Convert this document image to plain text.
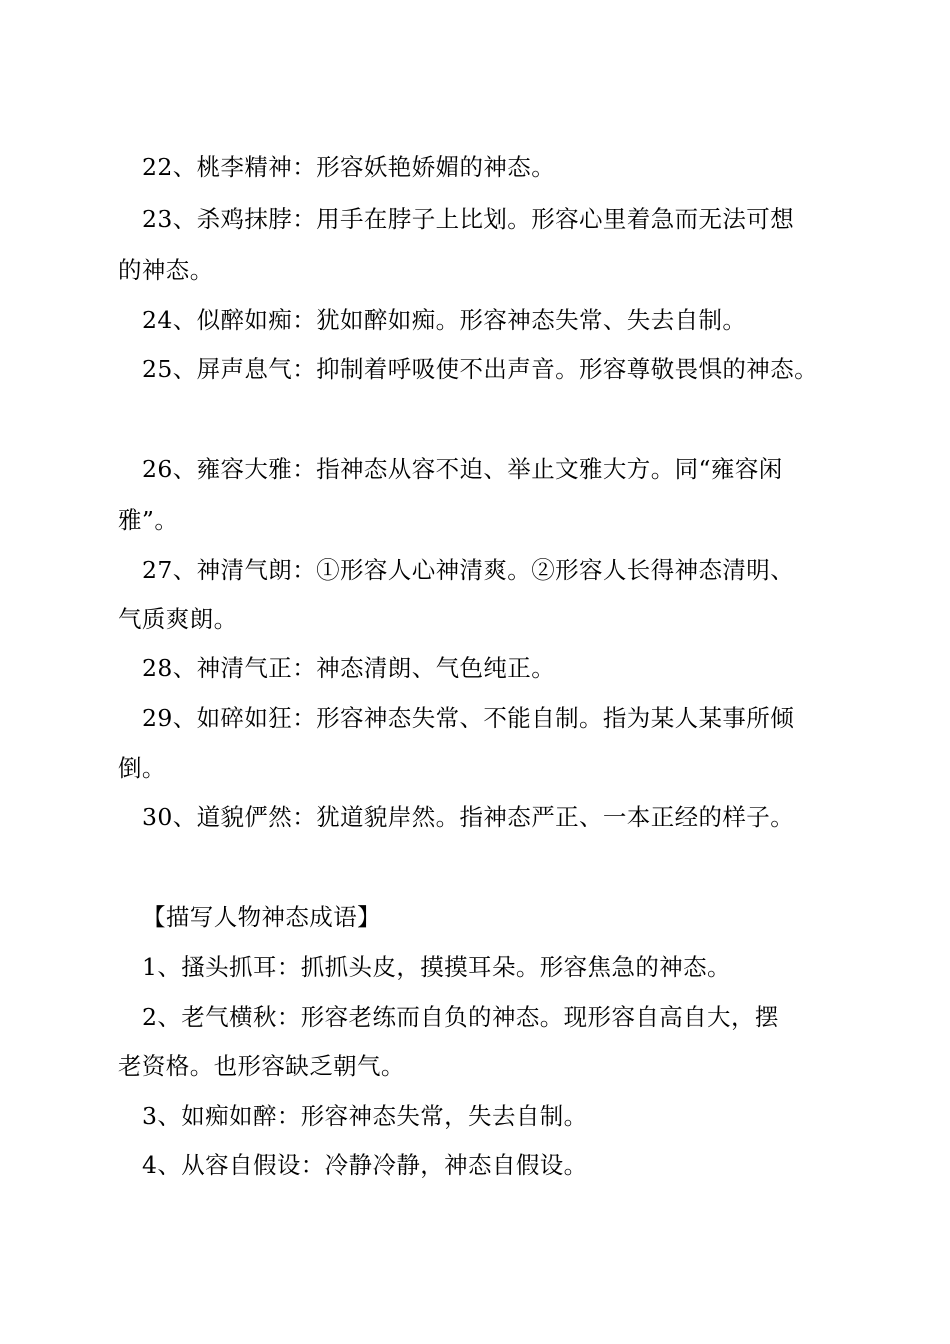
22、桃李精神：形容妖艳娇媚的神态。
23、杀鸡抹脖：用手在脖子上比划。形容心里着急而无法可想
的神态。
24、似醉如痴：犹如醉如痴。形容神态失常、失去自制。
25、屏声息气：抑制着呼吸使不出声音。形容尊敬畏惧的神态。
26、雍容大雅：指神态从容不迫、举止文雅大方。同“雍容闲
雅”。
27、神清气朗：①形容人心神清爽。②形容人长得神态清明、
气质爽朗。
28、神清气正：神态清朗、气色纯正。
29、如碎如狂：形容神态失常、不能自制。指为某人某事所倾
倒。
30、道貌俨然：犹道貌岸然。指神态严正、一本正经的样子。
【描写人物神态成语】
1、搔头抓耳：抓抓头皮，摸摸耳朵。形容焦急的神态。
2、老气横秋：形容老练而自负的神态。现形容自高自大，摆
老资格。也形容缺乏朝气。
3、如痴如醉：形容神态失常，失去自制。
4、从容自假设：冷静冷静，神态自假设。
